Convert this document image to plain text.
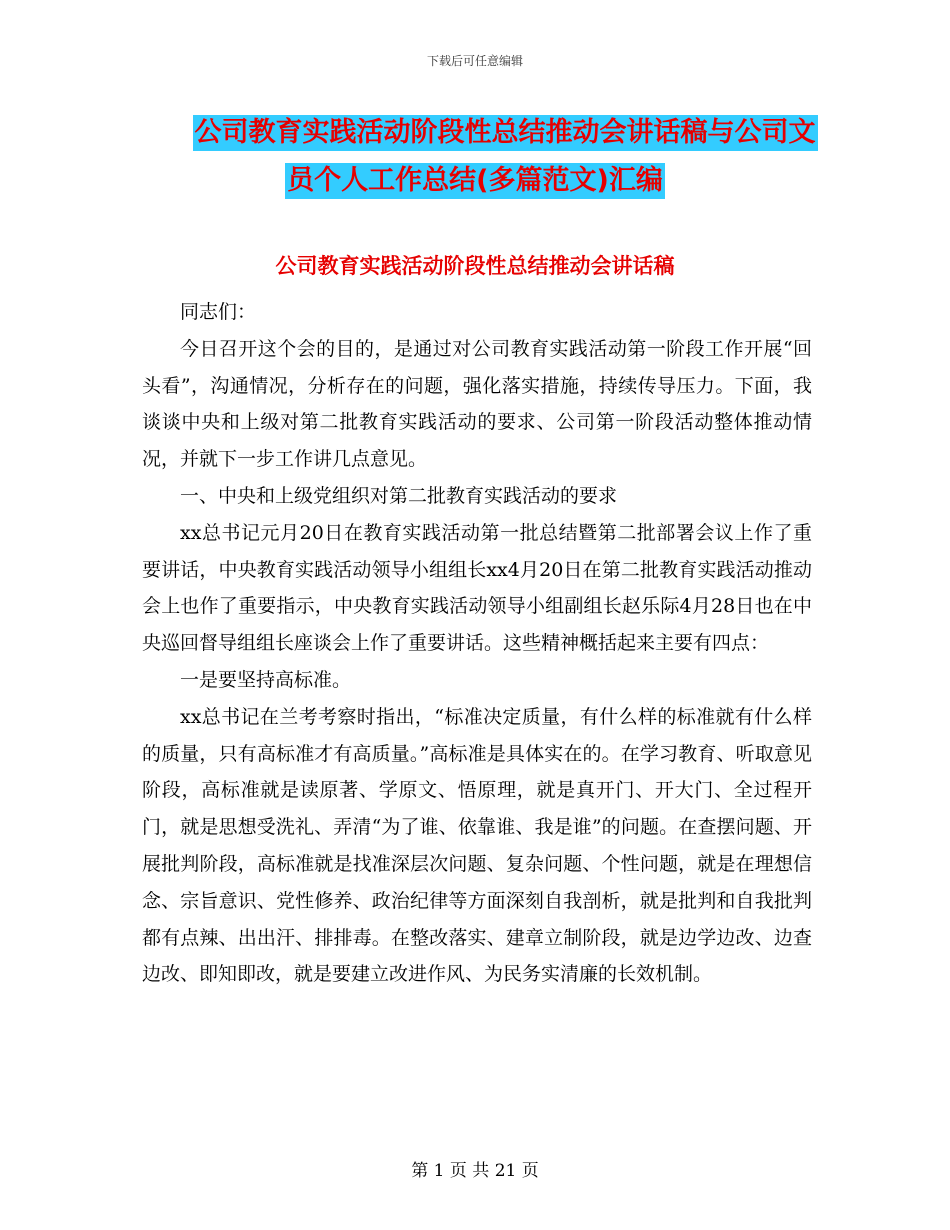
下载后可任意编辑
公司教育实践活动阶段性总结推动会讲话稿与公司文
员个人工作总结(多篇范文)汇编
公司教育实践活动阶段性总结推动会讲话稿

同志们：

今日召开这个会的目的，是通过对公司教育实践活动第一阶段工作开展“回头看”，沟通情况，分析存在的问题，强化落实措施，持续传导压力。下面，我谈谈中央和上级对第二批教育实践活动的要求、公司第一阶段活动整体推动情况，并就下一步工作讲几点意见。

一、中央和上级党组织对第二批教育实践活动的要求

xx总书记元月20日在教育实践活动第一批总结暨第二批部署会议上作了重要讲话，中央教育实践活动领导小组组长xx4月20日在第二批教育实践活动推动会上也作了重要指示，中央教育实践活动领导小组副组长赵乐际4月28日也在中央巡回督导组组长座谈会上作了重要讲话。这些精神概括起来主要有四点：

一是要坚持高标准。

xx总书记在兰考考察时指出，“标准决定质量，有什么样的标准就有什么样的质量，只有高标准才有高质量。”高标准是具体实在的。在学习教育、听取意见阶段，高标准就是读原著、学原文、悟原理，就是真开门、开大门、全过程开门，就是思想受洗礼、弄清“为了谁、依靠谁、我是谁”的问题。在查摆问题、开展批判阶段，高标准就是找准深层次问题、复杂问题、个性问题，就是在理想信念、宗旨意识、党性修养、政治纪律等方面深刻自我剖析，就是批判和自我批判都有点辣、出出汗、排排毒。在整改落实、建章立制阶段，就是边学边改、边查边改、即知即改，就是要建立改进作风、为民务实清廉的长效机制。

第 1 页 共 21 页
